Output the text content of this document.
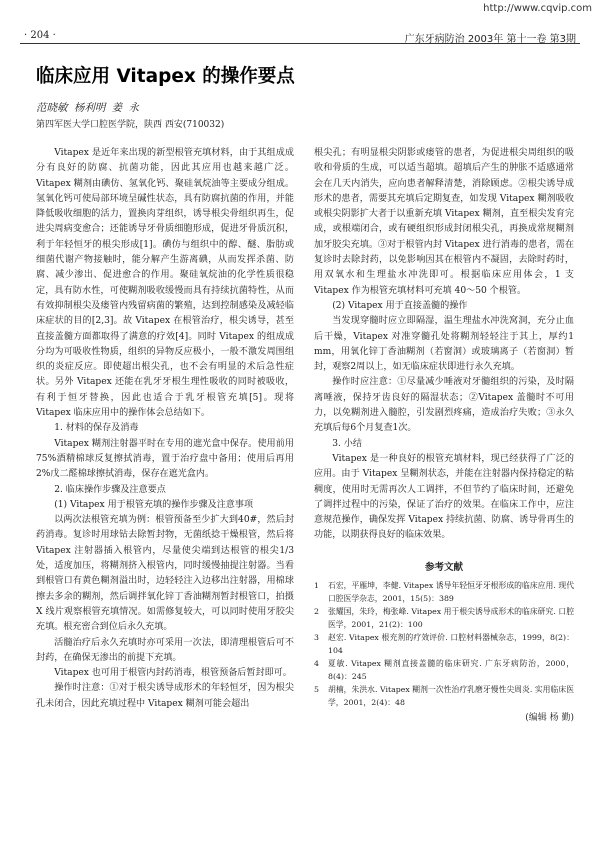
http://www.cqvip.com
· 204 ·	广东牙病防治 2003年 第十一卷 第3期
临床应用 Vitapex 的操作要点
范晓敏 杨利明 姜 永
第四军医大学口腔医学院，陕西 西安(710032)

Vitapex 是近年来出现的新型根管充填材料，由于其组成成分有良好的防腐、抗菌功能，因此其应用也越来越广泛。Vitapex 糊剂由碘仿、氢氧化钙、聚硅氧烷油等主要成分组成。氢氧化钙可使局部环境呈碱性状态，具有防腐抗菌的作用，并能降低吸收细胞的活力，置换肉芽组织，诱导根尖骨组织再生，促进尖周病变愈合；还能诱导牙骨质细胞形成，促进牙骨质沉积，利于年轻恒牙的根尖形成[1]。碘仿与组织中的醇、醚、脂肪或细菌代谢产物接触时，能分解产生游离碘，从而发挥杀菌、防腐、减少渗出、促进愈合的作用。聚硅氧烷油的化学性质很稳定，具有防水性，可使糊剂吸收缓慢而具有持续抗菌特性，从而有效抑制根尖及瘘管内残留病菌的繁殖，达到控制感染及减轻临床症状的目的[2,3]。故 Vitapex 在根管治疗，根尖诱导，甚至直接盖髓方面都取得了满意的疗效[4]。同时 Vitapex 的组成成分均为可吸收性物质，组织的异物反应极小，一般不激发周围组织的炎症反应。即使超出根尖孔，也不会有明显的术后急性症状。另外 Vitapex 还能在乳牙牙根生理性吸收的同时被吸收，有利于恒牙替换，因此也适合于乳牙根管充填[5]。现将 Vitapex 临床应用中的操作体会总结如下。

1. 材料的保存及消毒

Vitapex 糊剂注射器平时在专用的遮光盒中保存。使用前用75%酒精棉球反复擦拭消毒，置于治疗盘中备用；使用后再用2%戊二醛棉球擦拭消毒，保存在遮光盒内。

2. 临床操作步骤及注意要点

(1) Vitapex 用于根管充填的操作步骤及注意事项

以两次法根管充填为例：根管预备至少扩大到40#，然后封药消毒。复诊时用球钻去除暂封物，无菌纸捻干燥根管，然后将 Vitapex 注射器插入根管内，尽量使尖端到达根管的根尖1/3处，适度加压，将糊剂挤入根管内，同时缓慢抽提注射器。当看到根管口有黄色糊剂溢出时，边轻轻注入边移出注射器，用棉球擦去多余的糊剂，然后调拌氧化锌丁香油糊剂暂封根管口，拍摄 X 线片观察根管充填情况。如需修复较大，可以同时使用牙胶尖充填。根充密合到位后永久充填。

活髓治疗后永久充填时亦可采用一次法，即清理根管后可不封药，在确保无渗出的前提下充填。

Vitapex 也可用于根管内封药消毒，根管预备后暂封即可。

操作时注意：①对于根尖诱导成形术的年轻恒牙，因为根尖孔未闭合，因此充填过程中 Vitapex 糊剂可能会超出

根尖孔；有明显根尖阴影或瘘管的患者，为促进根尖周组织的吸收和骨质的生成，可以适当超填。超填后产生的肿胀不适感通常会在几天内消失，应向患者解释清楚，消除顾虑。②根尖诱导成形术的患者，需要其充填后定期复查，如发现 Vitapex 糊剂吸收或根尖阴影扩大者于以重新充填 Vitapex 糊剂，直至根尖发育完成，或根端闭合，或有硬组织形成封闭根尖孔，再换成常规糊剂加牙胶尖充填。③对于根管内封 Vitapex 进行消毒的患者，需在复诊时去除封药，以免影响因其在根管内不凝固，去除时药时，用双氧水和生理盐水冲洗即可。根据临床应用体会，1 支 Vitapex 作为根管充填材料可充填 40～50 个根管。

(2) Vitapex 用于直接盖髓的操作

当发现穿髓时应立即隔湿，温生理盐水冲洗窝洞，充分止血后干燥，Vitapex 对准穿髓孔处将糊剂轻轻注于其上，厚约1 mm，用氧化锌丁香油糊剂（若窗洞）或玻璃离子（若窗洞）暂封，观察2周以上，如无临床症状即进行永久充填。

操作时应注意：①尽量减少唾液对牙髓组织的污染，及时隔离唾液，保持牙齿良好的隔湿状态；②Vitapex 盖髓时不可用力，以免糊剂进入髓腔，引发剧烈疼痛，造成治疗失败；③永久充填后每6个月复查1次。

3. 小结

Vitapex 是一种良好的根管充填材料，现已经获得了广泛的应用。由于 Vitapex 呈糊剂状态，并能在注射器内保持稳定的粘稠度，使用时无需再次人工调拌，不但节约了临床时间，还避免了调拌过程中的污染，保证了治疗的效果。在临床工作中，应注意规范操作，确保发挥 Vitapex 持续抗菌、防腐、诱导骨再生的功能，以期获得良好的临床效果。

参考文献
1 石宏，平雁坤，李健. Vitapex 诱导年轻恒牙牙根形成的临床应用. 现代口腔医学杂志，2001，15(5)：389
2 张耀国，朱玲，梅张峰. Vitapex 用于根尖诱导成形术的临床研究. 口腔医学，2001，21(2)：100
3 赵宏. Vitapex 根充剂的疗效评价. 口腔材料器械杂志，1999，8(2)：104
4 夏敏. Vitapex 糊剂直接盖髓的临床研究. 广东牙病防治，2000，8(4)：245
5 胡楠，朱洪水. Vitapex 糊剂一次性治疗乳磨牙慢性尖周炎. 实用临床医学，2001，2(4)：48
(编辑 杨 勤)
